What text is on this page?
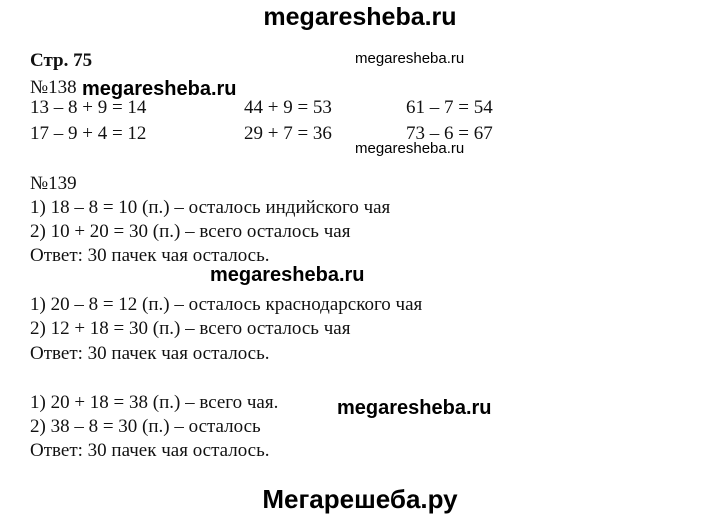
megaresheba.ru
megaresheba.ru
megaresheba.ru
megaresheba.ru
megaresheba.ru
megaresheba.ru
Мегарешеба.ру
Стр. 75
№138
13 – 8 + 9 = 14
17 – 9 + 4 = 12
44 + 9 = 53
29 + 7 = 36
61 – 7 = 54
73 – 6 = 67
№139
1) 18 – 8 = 10 (п.) – осталось индийского чая
2) 10 + 20 = 30 (п.) – всего осталось чая
Ответ: 30 пачек чая осталось.
1) 20 – 8 = 12 (п.) – осталось краснодарского чая
2) 12 + 18 = 30 (п.) – всего осталось чая
Ответ: 30 пачек чая осталось.
1) 20 + 18 = 38 (п.) – всего чая.
2) 38 – 8 = 30 (п.) – осталось
Ответ: 30 пачек чая осталось.
